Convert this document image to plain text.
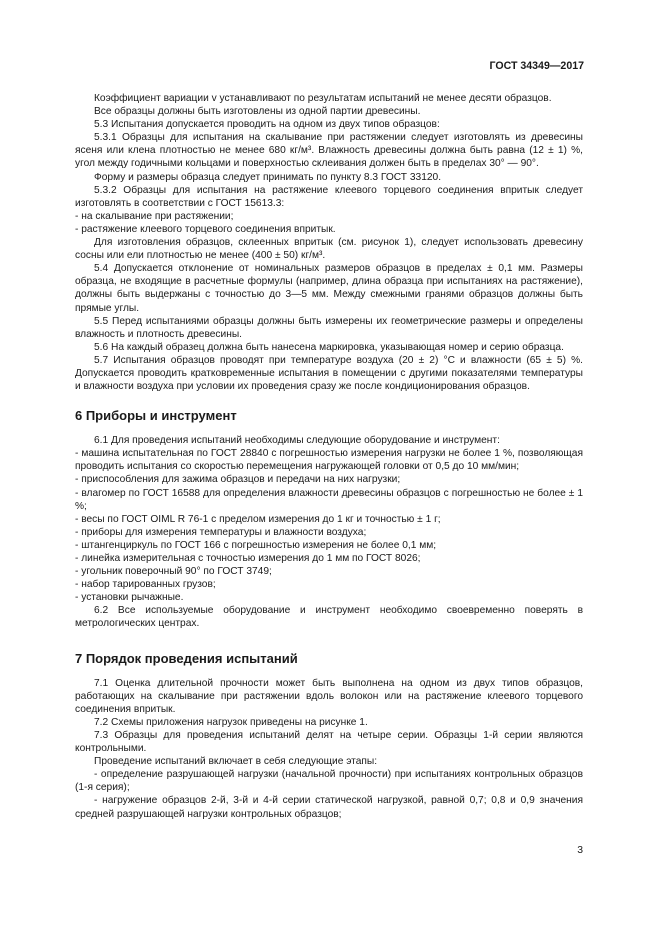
ГОСТ 34349—2017

Коэффициент вариации v устанавливают по результатам испытаний не менее десяти образцов.

Все образцы должны быть изготовлены из одной партии древесины.

5.3 Испытания допускается проводить на одном из двух типов образцов:

5.3.1 Образцы для испытания на скалывание при растяжении следует изготовлять из древесины ясеня или клена плотностью не менее 680 кг/м³. Влажность древесины должна быть равна (12 ± 1) %, угол между годичными кольцами и поверхностью склеивания должен быть в пределах 30° — 90°.

Форму и размеры образца следует принимать по пункту 8.3 ГОСТ 33120.

5.3.2 Образцы для испытания на растяжение клеевого торцевого соединения впритык следует изготовлять в соответствии с ГОСТ 15613.3:

- на скалывание при растяжении;

- растяжение клеевого торцевого соединения впритык.

Для изготовления образцов, склеенных впритык (см. рисунок 1), следует использовать древесину сосны или ели плотностью не менее (400 ± 50) кг/м³.

5.4 Допускается отклонение от номинальных размеров образцов в пределах ± 0,1 мм. Размеры образца, не входящие в расчетные формулы (например, длина образца при испытаниях на растяжение), должны быть выдержаны с точностью до 3—5 мм. Между смежными гранями образцов должны быть прямые углы.

5.5 Перед испытаниями образцы должны быть измерены их геометрические размеры и определены влажность и плотность древесины.

5.6 На каждый образец должна быть нанесена маркировка, указывающая номер и серию образца.

5.7 Испытания образцов проводят при температуре воздуха (20 ± 2) °С и влажности (65 ± 5) %. Допускается проводить кратковременные испытания в помещении с другими показателями температуры и влажности воздуха при условии их проведения сразу же после кондиционирования образцов.

6 Приборы и инструмент

6.1 Для проведения испытаний необходимы следующие оборудование и инструмент:

- машина испытательная по ГОСТ 28840 с погрешностью измерения нагрузки не более 1 %, позволяющая проводить испытания со скоростью перемещения нагружающей головки от 0,5 до 10 мм/мин;

- приспособления для зажима образцов и передачи на них нагрузки;

- влагомер по ГОСТ 16588 для определения влажности древесины образцов с погрешностью не более ± 1 %;

- весы по ГОСТ OIML R 76-1 с пределом измерения до 1 кг и точностью ± 1 г;

- приборы для измерения температуры и влажности воздуха;

- штангенциркуль по ГОСТ 166 с погрешностью измерения не более 0,1 мм;

- линейка измерительная с точностью измерения до 1 мм по ГОСТ 8026;

- угольник поверочный 90° по ГОСТ 3749;

- набор тарированных грузов;

- установки рычажные.

6.2 Все используемые оборудование и инструмент необходимо своевременно поверять в метрологических центрах.

7 Порядок проведения испытаний

7.1 Оценка длительной прочности может быть выполнена на одном из двух типов образцов, работающих на скалывание при растяжении вдоль волокон или на растяжение клеевого торцевого соединения впритык.

7.2 Схемы приложения нагрузок приведены на рисунке 1.

7.3 Образцы для проведения испытаний делят на четыре серии. Образцы 1-й серии являются контрольными.

Проведение испытаний включает в себя следующие этапы:

- определение разрушающей нагрузки (начальной прочности) при испытаниях контрольных образцов (1-я серия);

- нагружение образцов 2-й, 3-й и 4-й серии статической нагрузкой, равной 0,7; 0,8 и 0,9 значения средней разрушающей нагрузки контрольных образцов;

3
